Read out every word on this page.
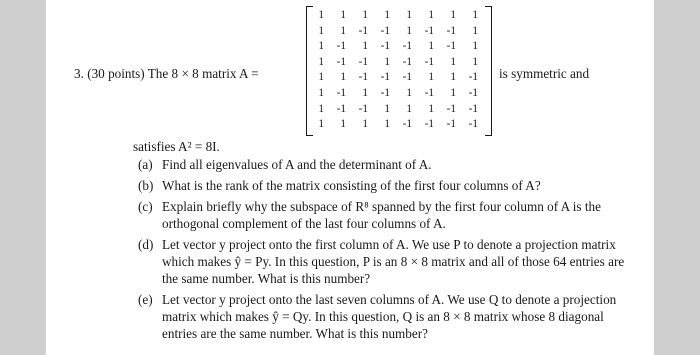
3. (30 points) The 8 × 8 matrix A =
1	1	1	1	1	1	1	1
1	1	-1	-1	1	-1	-1	1
1	-1	1	-1	-1	1	-1	1
1	-1	-1	1	-1	-1	1	1
1	1	-1	-1	-1	1	1	-1
1	-1	1	-1	1	-1	1	-1
1	-1	-1	1	1	1	-1	-1
1	1	1	1	-1	-1	-1	-1
is symmetric and
satisfies A² = 8I.
(a) Find all eigenvalues of A and the determinant of A.
(b) What is the rank of the matrix consisting of the first four columns of A?
(c) Explain briefly why the subspace of R⁸ spanned by the first four column of A is the
orthogonal complement of the last four columns of A.
(d) Let vector y project onto the first column of A. We use P to denote a projection matrix
which makes ŷ = Py. In this question, P is an 8 × 8 matrix and all of those 64 entries are
the same number. What is this number?
(e) Let vector y project onto the last seven columns of A. We use Q to denote a projection
matrix which makes ŷ = Qy. In this question, Q is an 8 × 8 matrix whose 8 diagonal
entries are the same number. What is this number?
